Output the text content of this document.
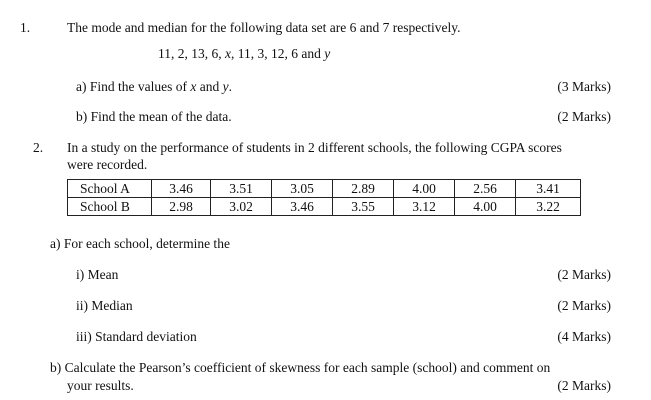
1.	The mode and median for the following data set are 6 and 7 respectively.
11, 2, 13, 6, x, 11, 3, 12, 6 and y
a) Find the values of x and y.	(3 Marks)
b) Find the mean of the data.	(2 Marks)
2. In a study on the performance of students in 2 different schools, the following CGPA scores
were recorded.
School A	3.46	3.51	3.05	2.89	4.00	2.56	3.41
School B	2.98	3.02	3.46	3.55	3.12	4.00	3.22
a) For each school, determine the
i) Mean	(2 Marks)
ii) Median	(2 Marks)
iii) Standard deviation	(4 Marks)
b) Calculate the Pearson’s coefficient of skewness for each sample (school) and comment on
your results.	(2 Marks)
